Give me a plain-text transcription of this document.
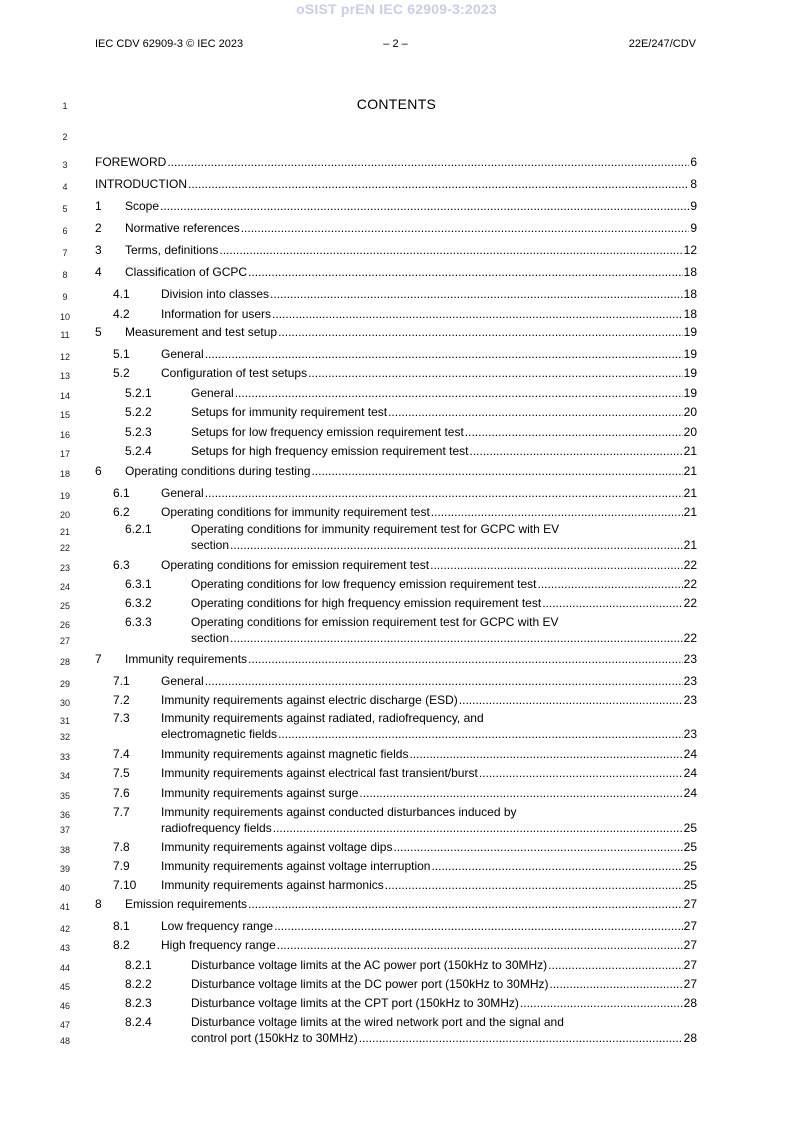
oSIST prEN IEC 62909-3:2023
IEC CDV 62909-3 © IEC 2023	– 2 –	22E/247/CDV
CONTENTS
1
2
3
4
5
6
7
8
9
10
11
12
13
14
15
16
17
18
19
20
21
22
23
24
25
26
27
28
29
30
31
32
33
34
35
36
37
38
39
40
41
42
43
44
45
46
47
48
FOREWORD .....	6
INTRODUCTION .....	8
1 Scope .....	9
2 Normative references .....	9
3 Terms, definitions .....	12
4 Classification of GCPC .....	18
4.1	Division into classes .....	18
4.2	Information for users .....	18
5 Measurement and test setup .....	19
5.1	General .....	19
5.2	Configuration of test setups .....	19
5.2.1	General .....	19
5.2.2	Setups for immunity requirement test .....	20
5.2.3	Setups for low frequency emission requirement test .....	20
5.2.4	Setups for high frequency emission requirement test .....	21
6 Operating conditions during testing .....	21
6.1	General .....	21
6.2	Operating conditions for immunity requirement test .....	21
6.2.1	Operating conditions for immunity requirement test for GCPC with EV
section .....	21
6.3	Operating conditions for emission requirement test .....	22
6.3.1	Operating conditions for low frequency emission requirement test .....	22
6.3.2	Operating conditions for high frequency emission requirement test .....	22
6.3.3	Operating conditions for emission requirement test for GCPC with EV
section .....	22
7 Immunity requirements .....	23
7.1	General .....	23
7.2	Immunity requirements against electric discharge (ESD) .....	23
7.3	Immunity requirements against radiated, radiofrequency, and
electromagnetic fields .....	23
7.4	Immunity requirements against magnetic fields .....	24
7.5	Immunity requirements against electrical fast transient/burst .....	24
7.6	Immunity requirements against surge .....	24
7.7	Immunity requirements against conducted disturbances induced by
radiofrequency fields .....	25
7.8	Immunity requirements against voltage dips .....	25
7.9	Immunity requirements against voltage interruption .....	25
7.10 Immunity requirements against harmonics .....	25
8 Emission requirements .....	27
8.1	Low frequency range .....	27
8.2	High frequency range .....	27
8.2.1	Disturbance voltage limits at the AC power port (150kHz to 30MHz) .....	27
8.2.2	Disturbance voltage limits at the DC power port (150kHz to 30MHz) .....	27
8.2.3	Disturbance voltage limits at the CPT port (150kHz to 30MHz) .....	28
8.2.4	Disturbance voltage limits at the wired network port and the signal and
control port (150kHz to 30MHz) .....	28
